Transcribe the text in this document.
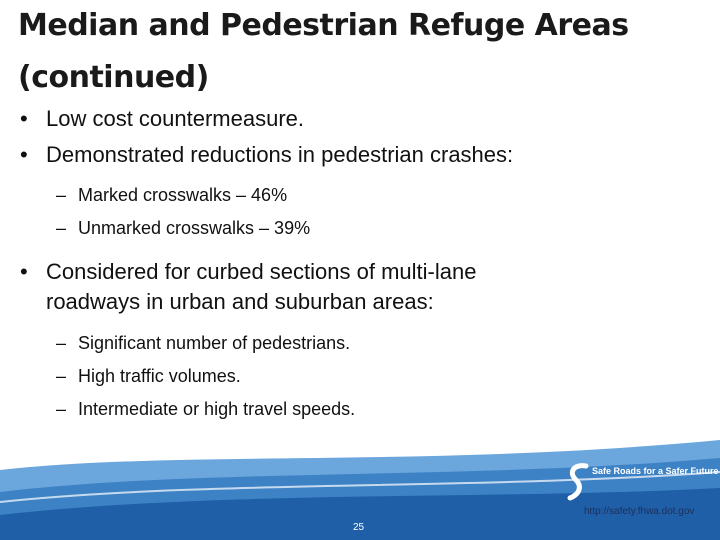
Median and Pedestrian Refuge Areas
(continued)
• Low cost countermeasure.
• Demonstrated reductions in pedestrian crashes:
– Marked crosswalks – 46%
– Unmarked crosswalks – 39%
• Considered for curbed sections of multi-lane
roadways in urban and suburban areas:
– Significant number of pedestrians.
– High traffic volumes.
– Intermediate or high travel speeds.
Safe Roads for a Safer Future
http://safety.fhwa.dot.gov
25
